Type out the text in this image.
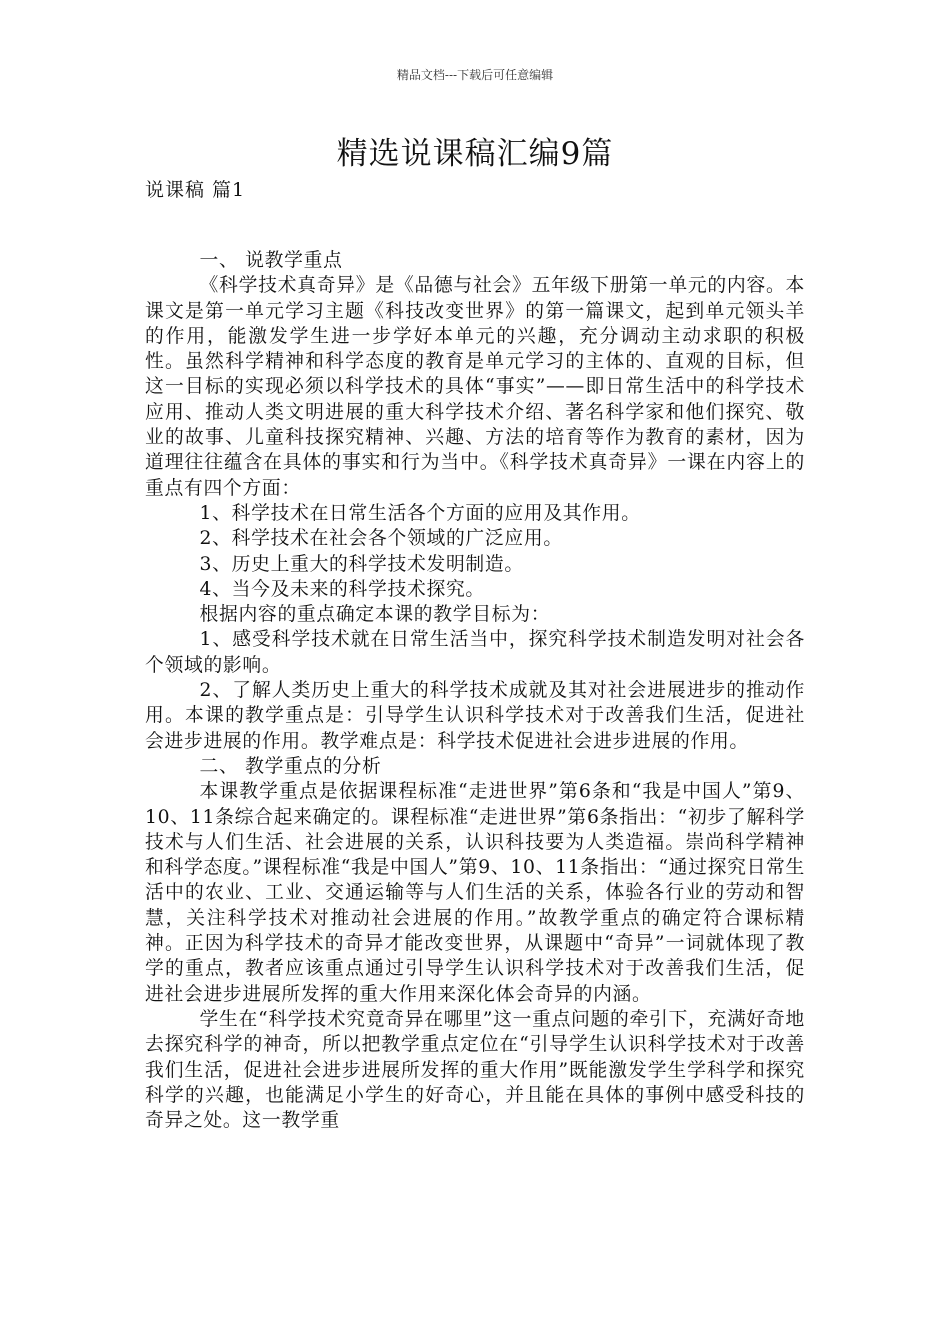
精品文档---下载后可任意编辑
精选说课稿汇编9篇
说课稿 篇1

一、 说教学重点

《科学技术真奇异》是《品德与社会》五年级下册第一单元的内容。本课文是第一单元学习主题《科技改变世界》的第一篇课文，起到单元领头羊的作用，能激发学生进一步学好本单元的兴趣，充分调动主动求职的积极性。虽然科学精神和科学态度的教育是单元学习的主体的、直观的目标，但这一目标的实现必须以科学技术的具体“事实”——即日常生活中的科学技术应用、推动人类文明进展的重大科学技术介绍、著名科学家和他们探究、敬业的故事、儿童科技探究精神、兴趣、方法的培育等作为教育的素材，因为道理往往蕴含在具体的事实和行为当中。《科学技术真奇异》一课在内容上的重点有四个方面：

1、科学技术在日常生活各个方面的应用及其作用。

2、科学技术在社会各个领域的广泛应用。

3、历史上重大的科学技术发明制造。

4、当今及未来的科学技术探究。

根据内容的重点确定本课的教学目标为：

1、感受科学技术就在日常生活当中，探究科学技术制造发明对社会各个领域的影响。

2、了解人类历史上重大的科学技术成就及其对社会进展进步的推动作用。本课的教学重点是：引导学生认识科学技术对于改善我们生活，促进社会进步进展的作用。教学难点是：科学技术促进社会进步进展的作用。

二、 教学重点的分析

本课教学重点是依据课程标准“走进世界”第6条和“我是中国人”第9、10、11条综合起来确定的。课程标准“走进世界”第6条指出：“初步了解科学技术与人们生活、社会进展的关系，认识科技要为人类造福。崇尚科学精神和科学态度。”课程标准“我是中国人”第9、10、11条指出：“通过探究日常生活中的农业、工业、交通运输等与人们生活的关系，体验各行业的劳动和智慧，关注科学技术对推动社会进展的作用。”故教学重点的确定符合课标精神。正因为科学技术的奇异才能改变世界，从课题中“奇异”一词就体现了教学的重点，教者应该重点通过引导学生认识科学技术对于改善我们生活，促进社会进步进展所发挥的重大作用来深化体会奇异的内涵。

学生在“科学技术究竟奇异在哪里”这一重点问题的牵引下，充满好奇地去探究科学的神奇，所以把教学重点定位在“引导学生认识科学技术对于改善我们生活，促进社会进步进展所发挥的重大作用”既能激发学生学科学和探究科学的兴趣，也能满足小学生的好奇心，并且能在具体的事例中感受科技的奇异之处。这一教学重
